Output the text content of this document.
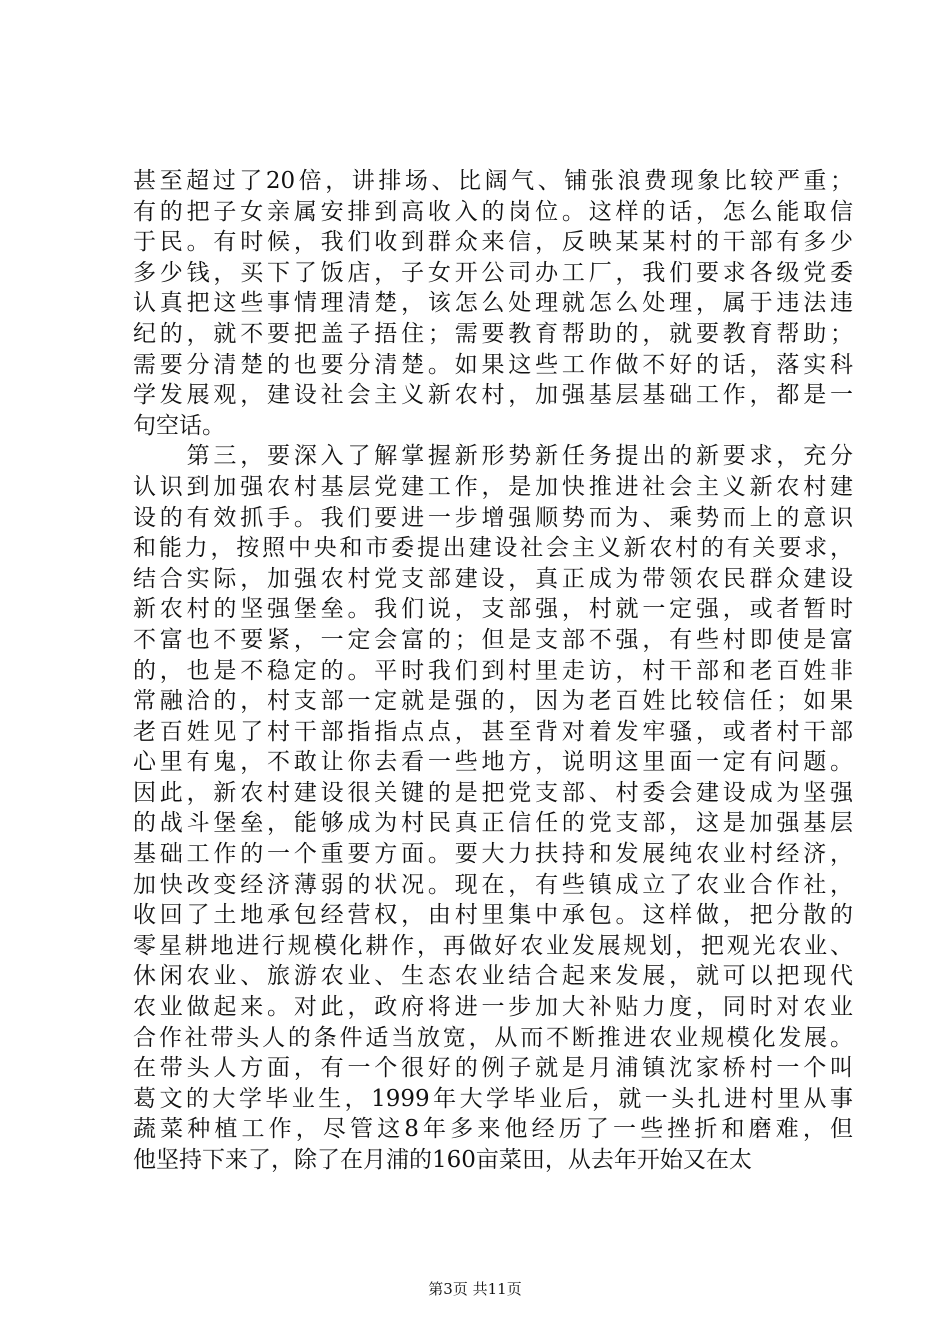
甚至超过了20倍，讲排场、比阔气、铺张浪费现象比较严重；
有的把子女亲属安排到高收入的岗位。这样的话，怎么能取信
于民。有时候，我们收到群众来信，反映某某村的干部有多少
多少钱，买下了饭店，子女开公司办工厂，我们要求各级党委
认真把这些事情理清楚，该怎么处理就怎么处理，属于违法违
纪的，就不要把盖子捂住；需要教育帮助的，就要教育帮助；
需要分清楚的也要分清楚。如果这些工作做不好的话，落实科
学发展观，建设社会主义新农村，加强基层基础工作，都是一
句空话。
　　第三，要深入了解掌握新形势新任务提出的新要求，充分
认识到加强农村基层党建工作，是加快推进社会主义新农村建
设的有效抓手。我们要进一步增强顺势而为、乘势而上的意识
和能力，按照中央和市委提出建设社会主义新农村的有关要求，
结合实际，加强农村党支部建设，真正成为带领农民群众建设
新农村的坚强堡垒。我们说，支部强，村就一定强，或者暂时
不富也不要紧，一定会富的；但是支部不强，有些村即使是富
的，也是不稳定的。平时我们到村里走访，村干部和老百姓非
常融洽的，村支部一定就是强的，因为老百姓比较信任；如果
老百姓见了村干部指指点点，甚至背对着发牢骚，或者村干部
心里有鬼，不敢让你去看一些地方，说明这里面一定有问题。
因此，新农村建设很关键的是把党支部、村委会建设成为坚强
的战斗堡垒，能够成为村民真正信任的党支部，这是加强基层
基础工作的一个重要方面。要大力扶持和发展纯农业村经济，
加快改变经济薄弱的状况。现在，有些镇成立了农业合作社，
收回了土地承包经营权，由村里集中承包。这样做，把分散的
零星耕地进行规模化耕作，再做好农业发展规划，把观光农业、
休闲农业、旅游农业、生态农业结合起来发展，就可以把现代
农业做起来。对此，政府将进一步加大补贴力度，同时对农业
合作社带头人的条件适当放宽，从而不断推进农业规模化发展。
在带头人方面，有一个很好的例子就是月浦镇沈家桥村一个叫
葛文的大学毕业生，1999年大学毕业后，就一头扎进村里从事
蔬菜种植工作，尽管这8年多来他经历了一些挫折和磨难，但
他坚持下来了，除了在月浦的160亩菜田，从去年开始又在太
第3页 共11页
